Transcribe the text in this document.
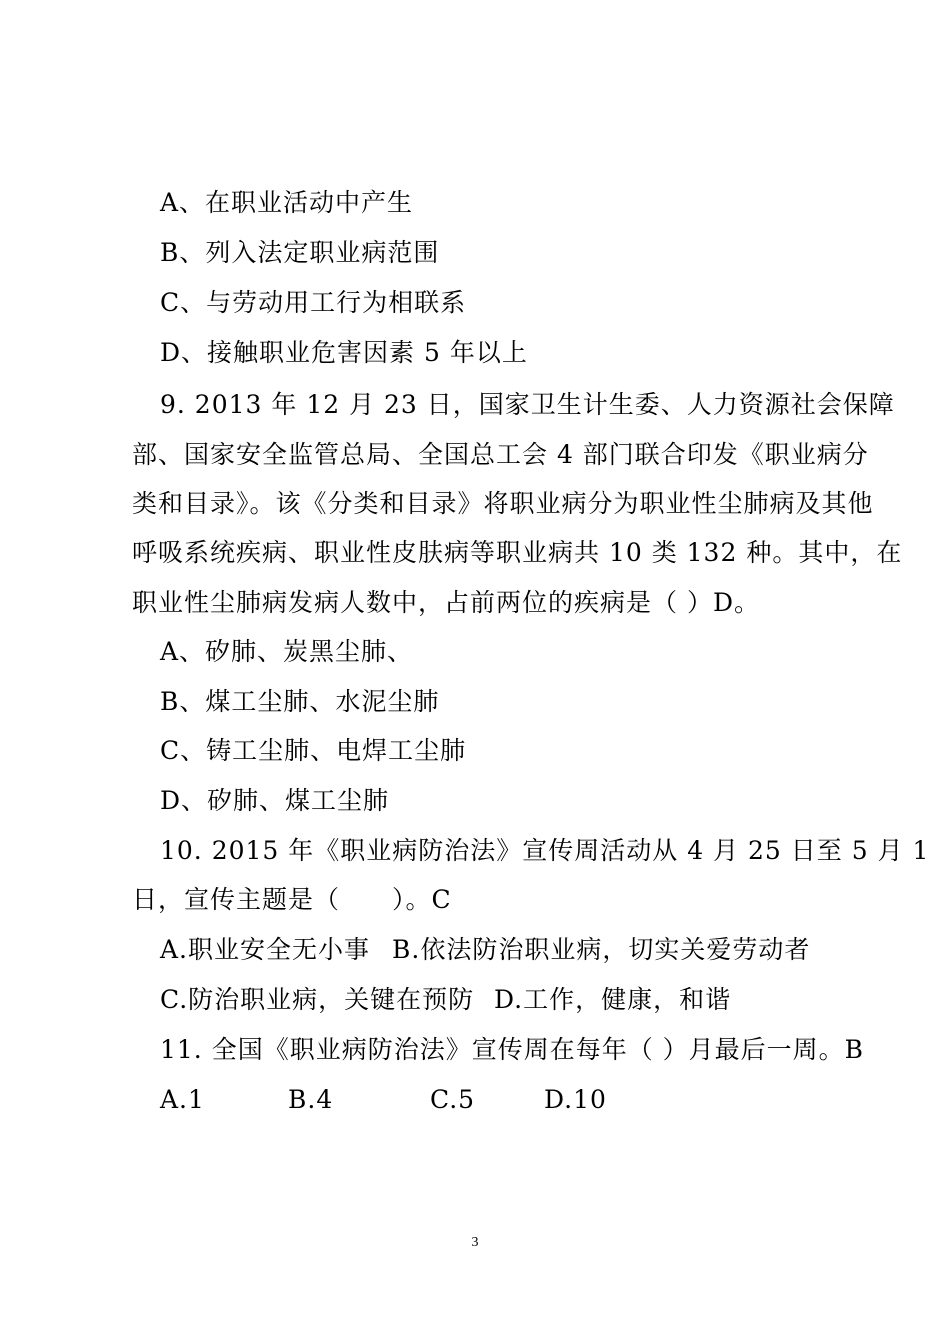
A、在职业活动中产生
B、列入法定职业病范围
C、与劳动用工行为相联系
D、接触职业危害因素 5 年以上
9. 2013 年 12 月 23 日，国家卫生计生委、人力资源社会保障
部、国家安全监管总局、全国总工会 4 部门联合印发《职业病分
类和目录》。该《分类和目录》将职业病分为职业性尘肺病及其他
呼吸系统疾病、职业性皮肤病等职业病共 10 类 132 种。其中，在
职业性尘肺病发病人数中，占前两位的疾病是（ ）D。
A、矽肺、炭黑尘肺、
B、煤工尘肺、水泥尘肺
C、铸工尘肺、电焊工尘肺
D、矽肺、煤工尘肺
10. 2015 年《职业病防治法》宣传周活动从 4 月 25 日至 5 月 1
日，宣传主题是（　　）。C
A.职业安全无小事 B.依法防治职业病，切实关爱劳动者
C.防治职业病，关键在预防 D.工作，健康，和谐
11. 全国《职业病防治法》宣传周在每年（ ）月最后一周。B
A.1	B.4	C.5	D.10
3
